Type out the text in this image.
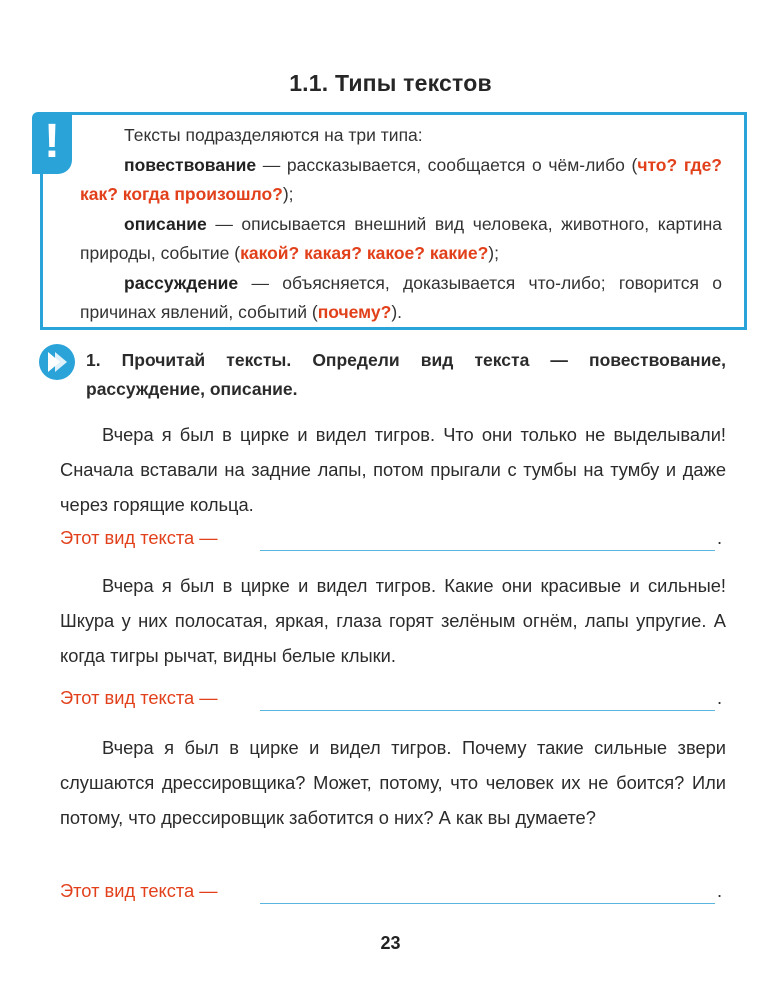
1.1. Типы текстов
!	Тексты подразделяются на три типа:

повествование — рассказывается, сообщается о чём-либо (что? где? как? когда произошло?);

описание — описывается внешний вид человека, животного, картина природы, событие (какой? какая? какое? какие?);

рассуждение — объясняется, доказывается что-либо; говорится о причинах явлений, событий (почему?).

1. Прочитай тексты. Определи вид текста — повествование, рассуждение, описание.

Вчера я был в цирке и видел тигров. Что они только не выделывали! Сначала вставали на задние лапы, потом прыгали с тумбы на тумбу и даже через горящие кольца.

Этот вид текста —	.

Вчера я был в цирке и видел тигров. Какие они красивые и сильные! Шкура у них полосатая, яркая, глаза горят зелёным огнём, лапы упругие. А когда тигры рычат, видны белые клыки.

Этот вид текста —	.

Вчера я был в цирке и видел тигров. Почему такие сильные звери слушаются дрессировщика? Может, потому, что человек их не боится? Или потому, что дрессировщик заботится о них? А как вы думаете?

Этот вид текста —	.
23
